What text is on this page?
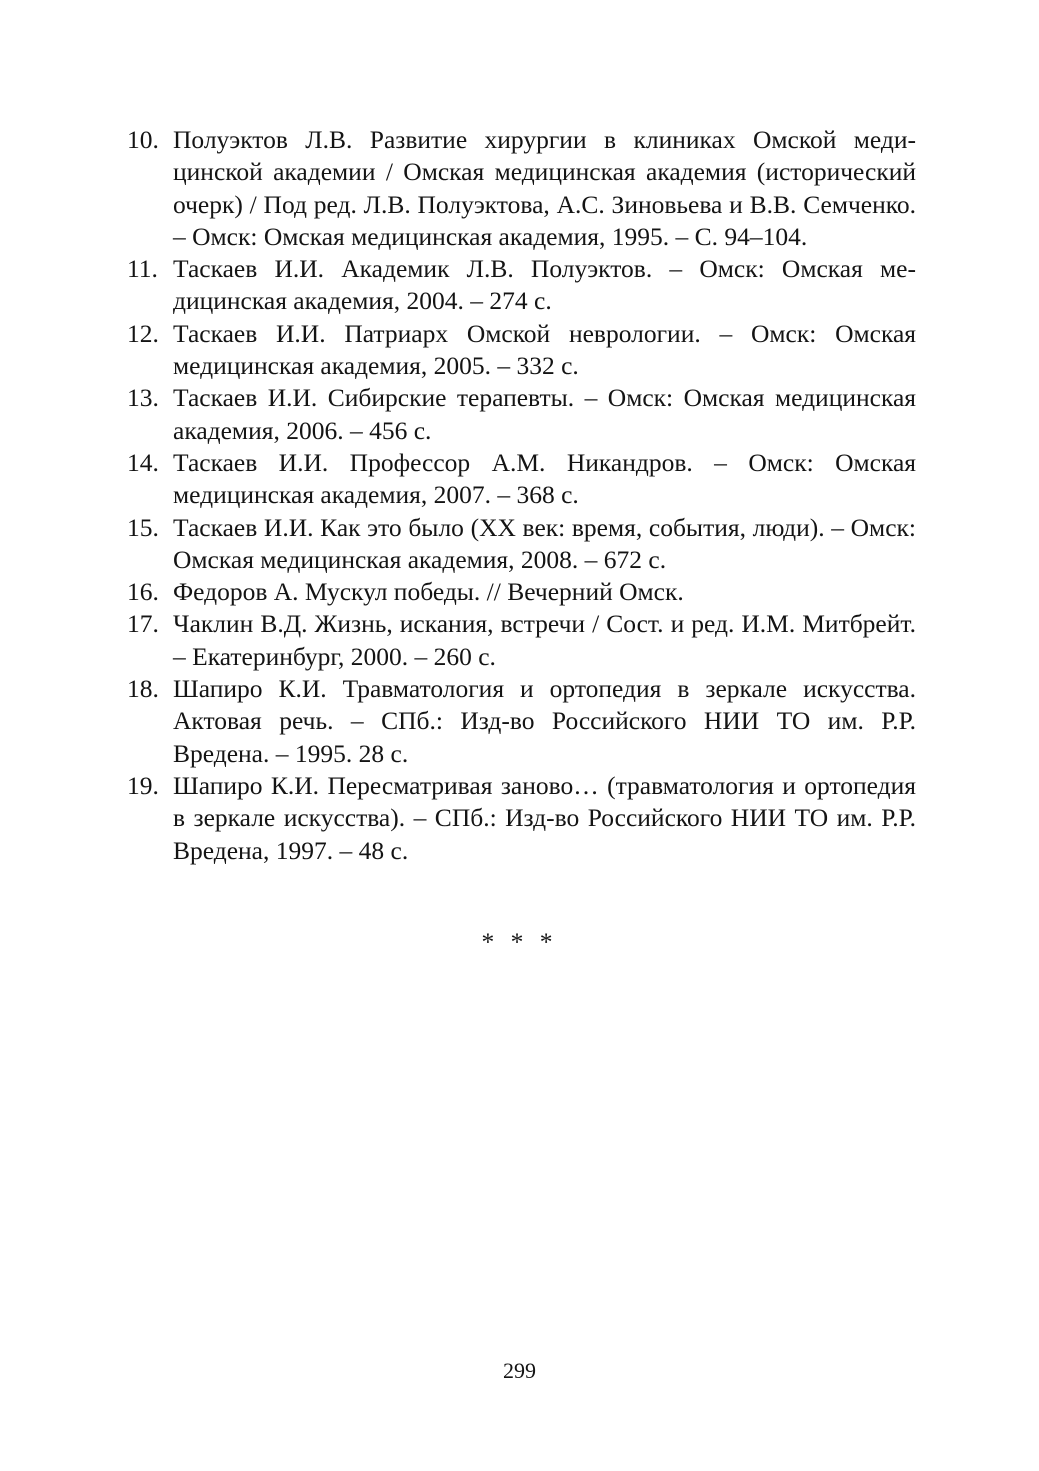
10. Полуэктов Л.В. Развитие хирургии в клиниках Омской медицинской академии / Омская медицинская академия (исторический очерк) / Под ред. Л.В. Полуэктова, А.С. Зиновьева и В.В. Семченко. – Омск: Омская медицинская академия, 1995. – С. 94–104.
11. Таскаев И.И. Академик Л.В. Полуэктов. – Омск: Омская медицинская академия, 2004. – 274 с.
12. Таскаев И.И. Патриарх Омской неврологии. – Омск: Омская медицинская академия, 2005. – 332 с.
13. Таскаев И.И. Сибирские терапевты. – Омск: Омская медицинская академия, 2006. – 456 с.
14. Таскаев И.И. Профессор А.М. Никандров. – Омск: Омская медицинская академия, 2007. – 368 с.
15. Таскаев И.И. Как это было (XX век: время, события, люди). – Омск: Омская медицинская академия, 2008. – 672 с.
16. Федоров А. Мускул победы. // Вечерний Омск.
17. Чаклин В.Д. Жизнь, искания, встречи / Сост. и ред. И.М. Митбрейт. – Екатеринбург, 2000. – 260 с.
18. Шапиро К.И. Травматология и ортопедия в зеркале искусства. Актовая речь. – СПб.: Изд-во Российского НИИ ТО им. Р.Р. Вредена. – 1995. 28 с.
19. Шапиро К.И. Пересматривая заново… (травматология и ортопедия в зеркале искусства). – СПб.: Изд-во Российского НИИ ТО им. Р.Р. Вредена, 1997. – 48 с.
* * *
299
